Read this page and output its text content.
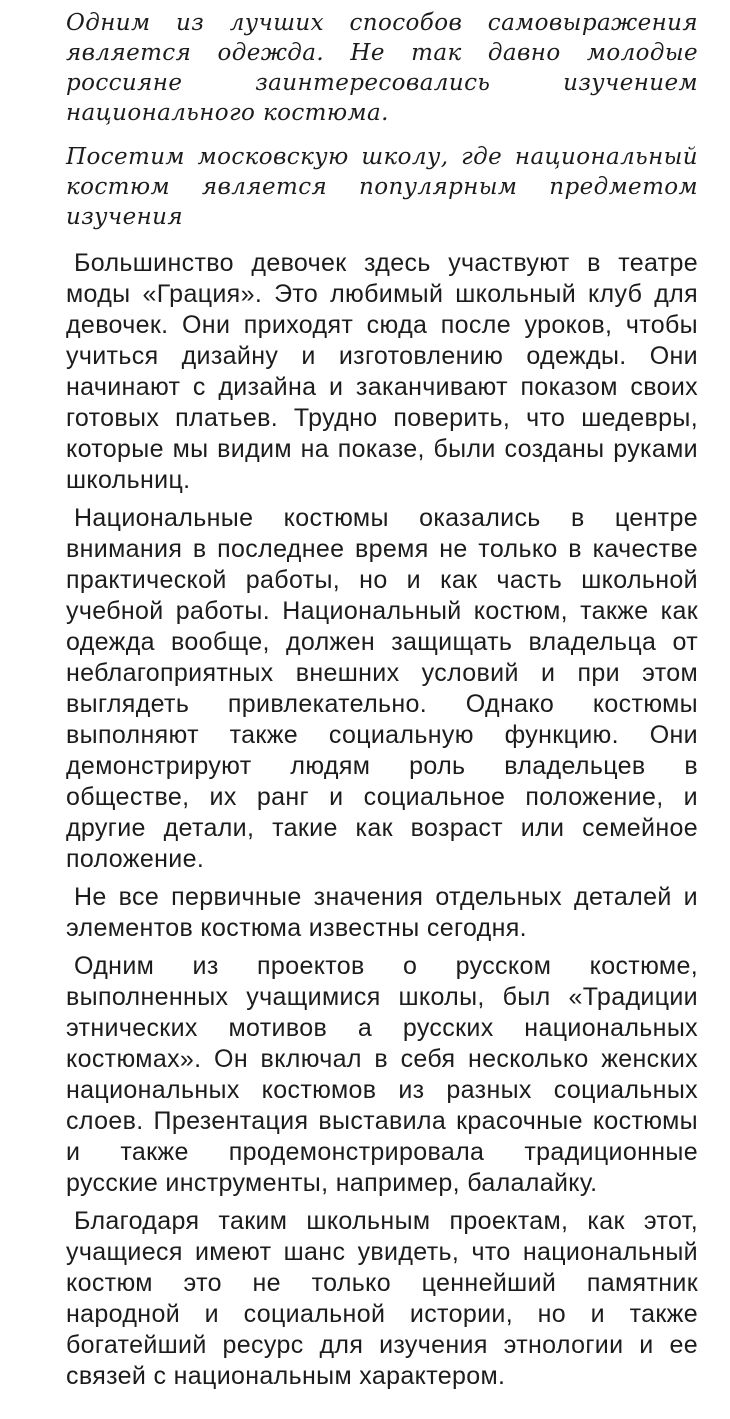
Одним из лучших способов самовыражения является одежда. Не так давно молодые россияне заинтересовались изучением национального костюма.

Посетим московскую школу, где национальный костюм является популярным предметом изучения

Большинство девочек здесь участвуют в театре моды «Грация». Это любимый школьный клуб для девочек. Они приходят сюда после уроков, чтобы учиться дизайну и изготовлению одежды. Они начинают с дизайна и заканчивают показом своих готовых платьев. Трудно поверить, что шедевры, которые мы видим на показе, были созданы руками школьниц.

Национальные костюмы оказались в центре внимания в последнее время не только в качестве практической работы, но и как часть школьной учебной работы. Национальный костюм, также как одежда вообще, должен защищать владельца от неблагоприятных внешних условий и при этом выглядеть привлекательно. Однако костюмы выполняют также социальную функцию. Они демонстрируют людям роль владельцев в обществе, их ранг и социальное положение, и другие детали, такие как возраст или семейное положение.

Не все первичные значения отдельных деталей и элементов костюма известны сегодня.

Одним из проектов о русском костюме, выполненных учащимися школы, был «Традиции этнических мотивов а русских национальных костюмах». Он включал в себя несколько женских национальных костюмов из разных социальных слоев. Презентация выставила красочные костюмы и также продемонстрировала традиционные русские инструменты, например, балалайку.

Благодаря таким школьным проектам, как этот, учащиеся имеют шанс увидеть, что национальный костюм это не только ценнейший памятник народной и социальной истории, но и также богатейший ресурс для изучения этнологии и ее связей с национальным характером.
